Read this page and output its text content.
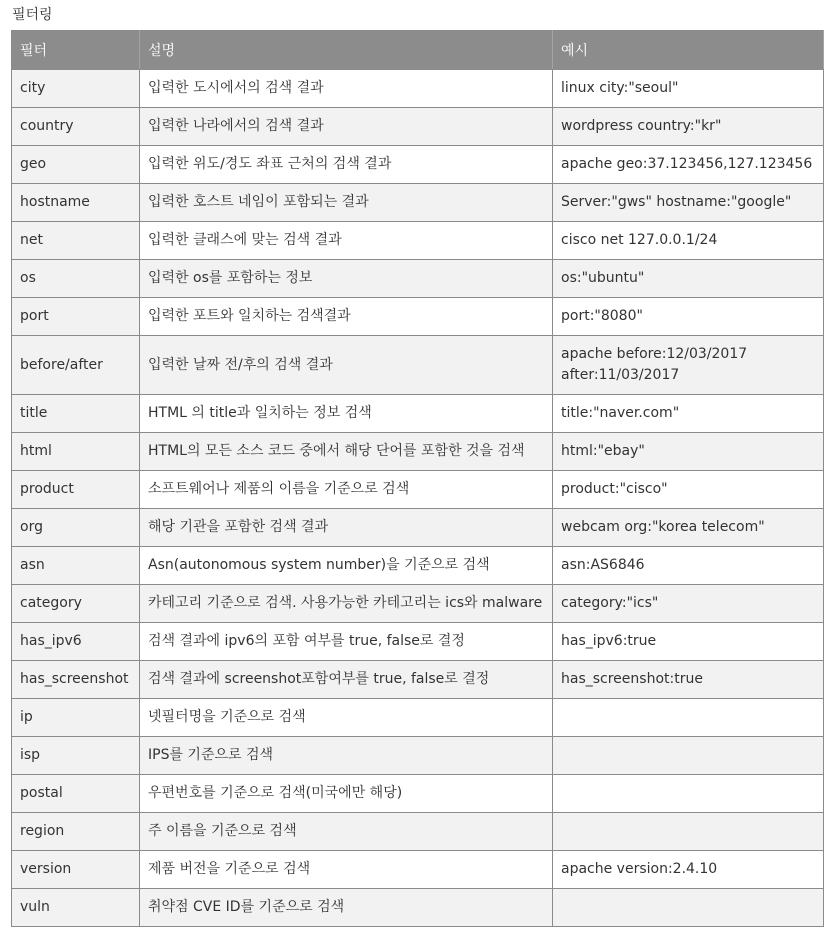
필터링
필터	설명	예시
city	입력한 도시에서의 검색 결과	linux city:"seoul"
country	입력한 나라에서의 검색 결과	wordpress country:"kr"
geo	입력한 위도/경도 좌표 근처의 검색 결과	apache geo:37.123456,127.123456
hostname	입력한 호스트 네임이 포함되는 결과	Server:"gws" hostname:"google"
net	입력한 클래스에 맞는 검색 결과	cisco net 127.0.0.1/24
os	입력한 os를 포함하는 정보	os:"ubuntu"
port	입력한 포트와 일치하는 검색결과	port:"8080"
before/after	입력한 날짜 전/후의 검색 결과	apache before:12/03/2017 after:11/03/2017
title	HTML 의 title과 일치하는 정보 검색	title:"naver.com"
html	HTML의 모든 소스 코드 중에서 해당 단어를 포함한 것을 검색	html:"ebay"
product	소프트웨어나 제품의 이름을 기준으로 검색	product:"cisco"
org	해당 기관을 포함한 검색 결과	webcam org:"korea telecom"
asn	Asn(autonomous system number)을 기준으로 검색	asn:AS6846
category	카테고리 기준으로 검색. 사용가능한 카테고리는 ics와 malware	category:"ics"
has_ipv6	검색 결과에 ipv6의 포함 여부를 true, false로 결정	has_ipv6:true
has_screenshot	검색 결과에 screenshot포함여부를 true, false로 결정	has_screenshot:true
ip	넷필터명을 기준으로 검색	
isp	IPS를 기준으로 검색	
postal	우편번호를 기준으로 검색(미국에만 해당)	
region	주 이름을 기준으로 검색	
version	제품 버전을 기준으로 검색	apache version:2.4.10
vuln	취약점 CVE ID를 기준으로 검색	
